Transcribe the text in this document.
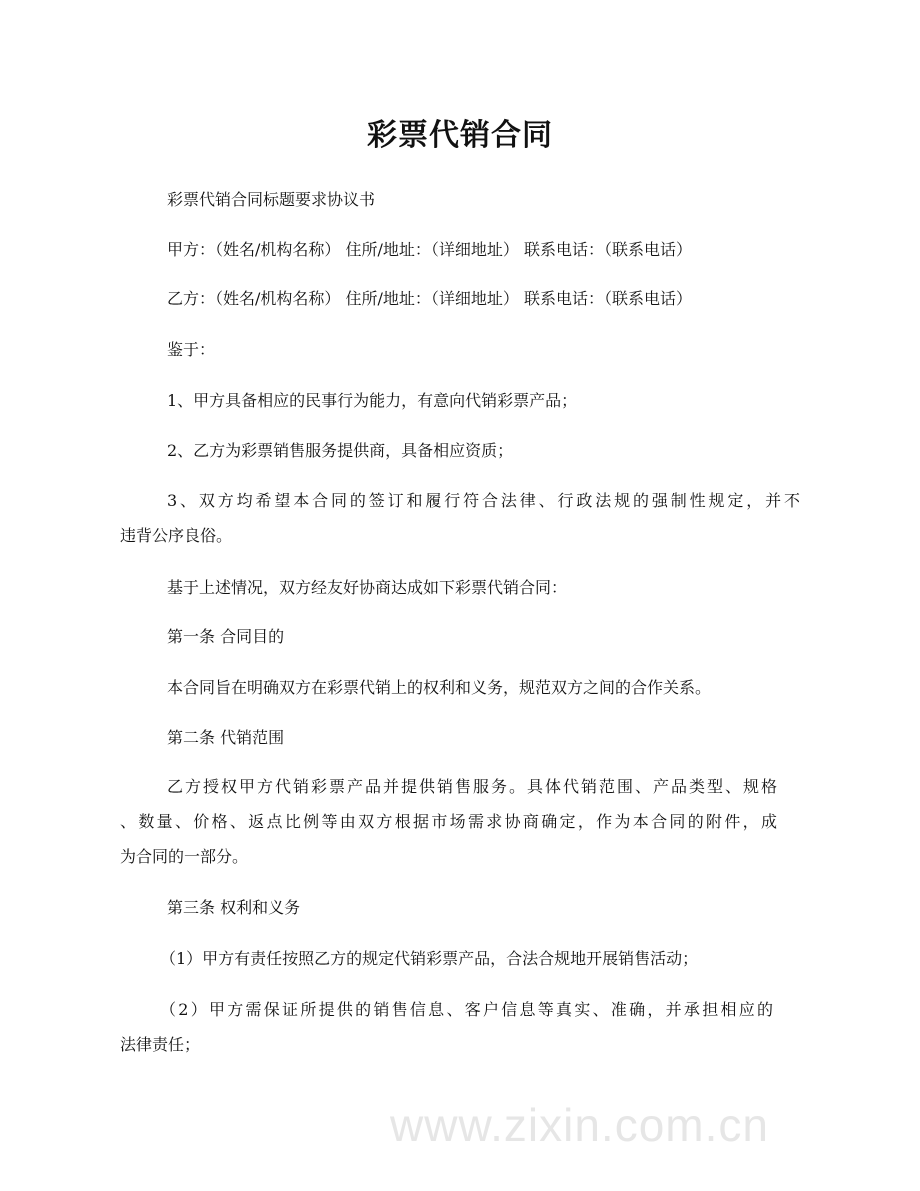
彩票代销合同
彩票代销合同标题要求协议书
甲方：（姓名/机构名称） 住所/地址：（详细地址） 联系电话：（联系电话）
乙方：（姓名/机构名称） 住所/地址：（详细地址） 联系电话：（联系电话）
鉴于：
1、甲方具备相应的民事行为能力，有意向代销彩票产品；
2、乙方为彩票销售服务提供商，具备相应资质；
3、双方均希望本合同的签订和履行符合法律、行政法规的强制性规定，并不
违背公序良俗。
基于上述情况，双方经友好协商达成如下彩票代销合同：
第一条 合同目的
本合同旨在明确双方在彩票代销上的权利和义务，规范双方之间的合作关系。
第二条 代销范围
乙方授权甲方代销彩票产品并提供销售服务。具体代销范围、产品类型、规格
、数量、价格、返点比例等由双方根据市场需求协商确定，作为本合同的附件，成
为合同的一部分。
第三条 权利和义务
（1）甲方有责任按照乙方的规定代销彩票产品，合法合规地开展销售活动；
（2）甲方需保证所提供的销售信息、客户信息等真实、准确，并承担相应的
法律责任；
www.zixin.com.cn
